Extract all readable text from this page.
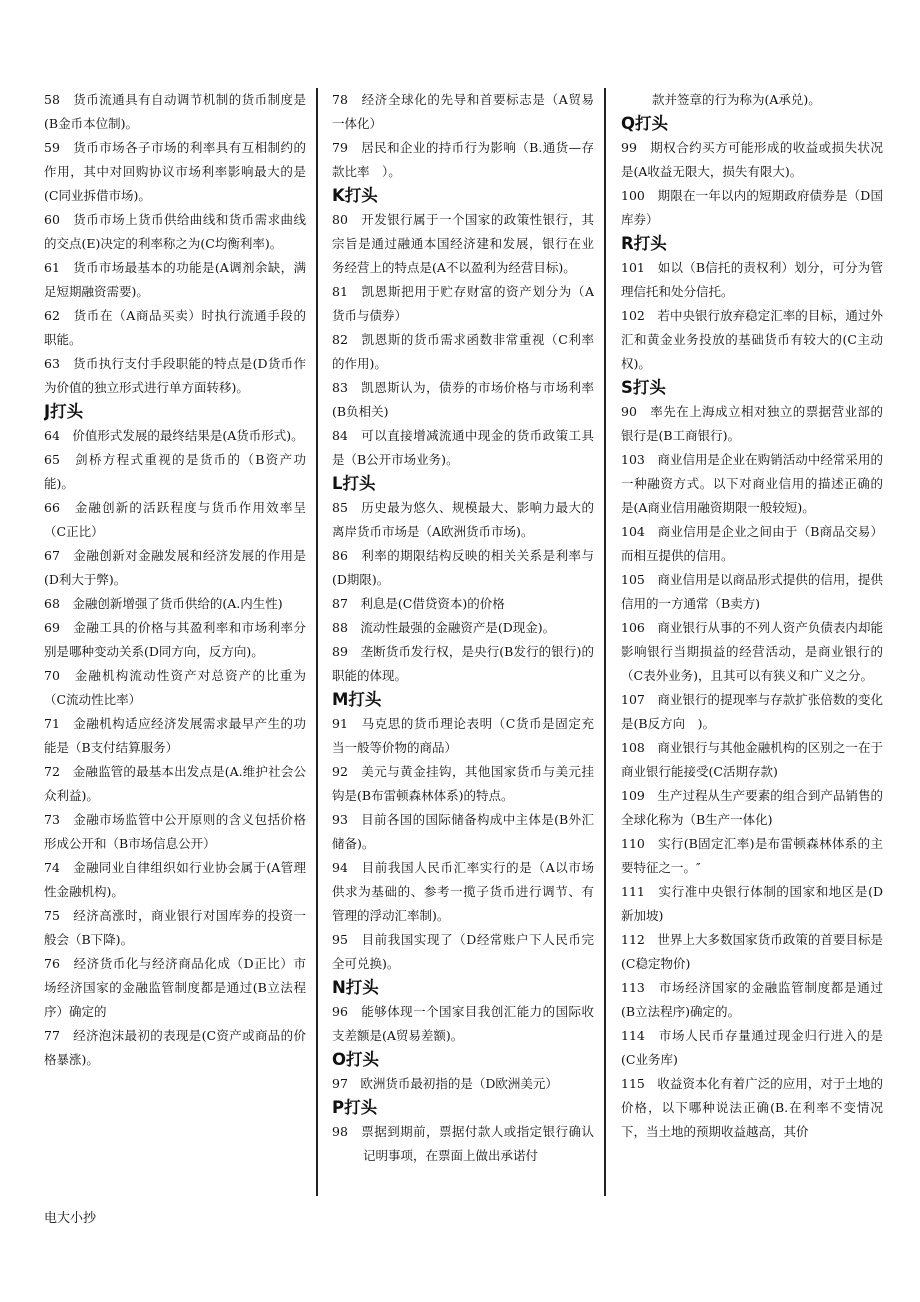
58　货币流通具有自动调节机制的货币制度是(B金币本位制)。

59　货币市场各子市场的利率具有互相制约的作用，其中对回购协议市场利率影响最大的是(C同业拆借市场)。

60　货币市场上货币供给曲线和货币需求曲线的交点(E)决定的利率称之为(C均衡利率)。

61　货币市场最基本的功能是(A调剂余缺，满足短期融资需要)。

62　货币在（A商品买卖）时执行流通手段的职能。

63　货币执行支付手段职能的特点是(D货币作为价值的独立形式进行单方面转移)。

J打头

64　价值形式发展的最终结果是(A货币形式)。

65　剑桥方程式重视的是货币的（B资产功能)。

66　金融创新的活跃程度与货币作用效率呈（C正比）

67　金融创新对金融发展和经济发展的作用是(D利大于弊)。

68　金融创新增强了货币供给的(A.内生性)

69　金融工具的价格与其盈利率和市场利率分别是哪种变动关系(D同方向，反方向)。

70　金融机构流动性资产对总资产的比重为（C流动性比率）

71　金融机构适应经济发展需求最早产生的功能是（B支付结算服务）

72　金融监管的最基本出发点是(A.维护社会公众利益)。

73　金融市场监管中公开原则的含义包括价格形成公开和（B市场信息公开）

74　金融同业自律组织如行业协会属于(A管理性金融机构)。

75　经济高涨时，商业银行对国库券的投资一般会（B下降)。

76　经济货币化与经济商品化成（D正比）市场经济国家的金融监管制度都是通过(B立法程序）确定的

77　经济泡沫最初的表现是(C资产或商品的价格暴涨)。

78　经济全球化的先导和首要标志是（A贸易一体化）

79　居民和企业的持币行为影响（B.通货—存款比率　）。

K打头

80　开发银行属于一个国家的政策性银行，其宗旨是通过融通本国经济建和发展，银行在业务经营上的特点是(A不以盈利为经营目标)。

81　凯恩斯把用于贮存财富的资产划分为（A货币与债券）

82　凯恩斯的货币需求函数非常重视（C利率的作用)。

83　凯恩斯认为，债券的市场价格与市场利率(B负相关)

84　可以直接增减流通中现金的货币政策工具是（B公开市场业务)。

L打头

85　历史最为悠久、规模最大、影响力最大的离岸货币市场是（A欧洲货币市场)。

86　利率的期限结构反映的相关关系是利率与(D期限)。

87　利息是(C借贷资本)的价格

88　流动性最强的金融资产是(D现金)。

89　垄断货币发行权，是央行(B发行的银行)的职能的体现。

M打头

91　马克思的货币理论表明（C货币是固定充当一般等价物的商品）

92　美元与黄金挂钩，其他国家货币与美元挂钩是(B布雷顿森林体系)的特点。

93　目前各国的国际储备构成中主体是(B外汇储备)。

94　目前我国人民币汇率实行的是（A以市场供求为基础的、参考一揽子货币进行调节、有管理的浮动汇率制)。

95　目前我国实现了（D经常账户下人民币完全可兑换)。

N打头

96　能够体现一个国家目我创汇能力的国际收支差额是(A贸易差额)。

O打头

97　欧洲货币最初指的是（D欧洲美元）

P打头

98　票据到期前，票据付款人或指定银行确认记明事项，在票面上做出承诺付

款并签章的行为称为(A承兑)。

Q打头

99　期权合约买方可能形成的收益或损失状况是(A收益无限大，损失有限大)。

100　期限在一年以内的短期政府债券是（D国库券）

R打头

101　如以（B信托的责权利）划分，可分为管理信托和处分信托。

102　若中央银行放弃稳定汇率的目标，通过外汇和黄金业务投放的基础货币有较大的(C主动权)。

S打头

90　率先在上海成立相对独立的票据营业部的银行是(B工商银行)。

103　商业信用是企业在购销活动中经常采用的一种融资方式。以下对商业信用的描述正确的是(A商业信用融资期限一般较短)。

104　商业信用是企业之间由于（B商品交易）而相互提供的信用。

105　商业信用是以商品形式提供的信用，提供信用的一方通常（B卖方)

106　商业银行从事的不列人资产负债表内却能影响银行当期损益的经营活动，是商业银行的（C表外业务)，且其可以有狭义和广义之分。

107　商业银行的提现率与存款扩张倍数的变化是(B反方向　)。

108　商业银行与其他金融机构的区别之一在于商业银行能接受(C活期存款)

109　生产过程从生产要素的组合到产品销售的全球化称为（B生产一体化)

110　实行(B固定汇率)是布雷顿森林体系的主要特征之一。″

111　实行准中央银行体制的国家和地区是(D新加坡)

112　世界上大多数国家货币政策的首要目标是(C稳定物价)

113　市场经济国家的金融监管制度都是通过(B立法程序)确定的。

114　市场人民币存量通过现金归行进入的是(C业务库)

115　收益资本化有着广泛的应用，对于土地的价格，以下哪种说法正确(B.在利率不变情况下，当土地的预期收益越高，其价

电大小抄
